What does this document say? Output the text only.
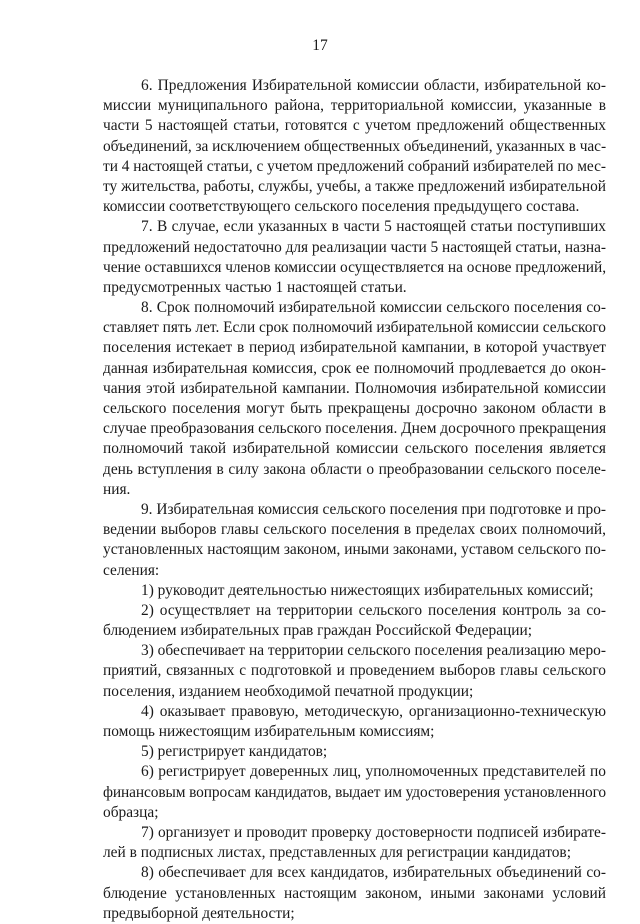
17
6. Предложения Избирательной комиссии области, избирательной ко-
миссии муниципального района, территориальной комиссии, указанные в
части 5 настоящей статьи, готовятся с учетом предложений общественных
объединений, за исключением общественных объединений, указанных в час-
ти 4 настоящей статьи, с учетом предложений собраний избирателей по мес-
ту жительства, работы, службы, учебы, а также предложений избирательной
комиссии соответствующего сельского поселения предыдущего состава.
7. В случае, если указанных в части 5 настоящей статьи поступивших
предложений недостаточно для реализации части 5 настоящей статьи, назна-
чение оставшихся членов комиссии осуществляется на основе предложений,
предусмотренных частью 1 настоящей статьи.
8. Срок полномочий избирательной комиссии сельского поселения со-
ставляет пять лет. Если срок полномочий избирательной комиссии сельского
поселения истекает в период избирательной кампании, в которой участвует
данная избирательная комиссия, срок ее полномочий продлевается до окон-
чания этой избирательной кампании. Полномочия избирательной комиссии
сельского поселения могут быть прекращены досрочно законом области в
случае преобразования сельского поселения. Днем досрочного прекращения
полномочий такой избирательной комиссии сельского поселения является
день вступления в силу закона области о преобразовании сельского поселе-
ния.
9. Избирательная комиссия сельского поселения при подготовке и про-
ведении выборов главы сельского поселения в пределах своих полномочий,
установленных настоящим законом, иными законами, уставом сельского по-
селения:
1) руководит деятельностью нижестоящих избирательных комиссий;
2) осуществляет на территории сельского поселения контроль за со-
блюдением избирательных прав граждан Российской Федерации;
3) обеспечивает на территории сельского поселения реализацию меро-
приятий, связанных с подготовкой и проведением выборов главы сельского
поселения, изданием необходимой печатной продукции;
4) оказывает правовую, методическую, организационно-техническую
помощь нижестоящим избирательным комиссиям;
5) регистрирует кандидатов;
6) регистрирует доверенных лиц, уполномоченных представителей по
финансовым вопросам кандидатов, выдает им удостоверения установленного
образца;
7) организует и проводит проверку достоверности подписей избирате-
лей в подписных листах, представленных для регистрации кандидатов;
8) обеспечивает для всех кандидатов, избирательных объединений со-
блюдение установленных настоящим законом, иными законами условий
предвыборной деятельности;
